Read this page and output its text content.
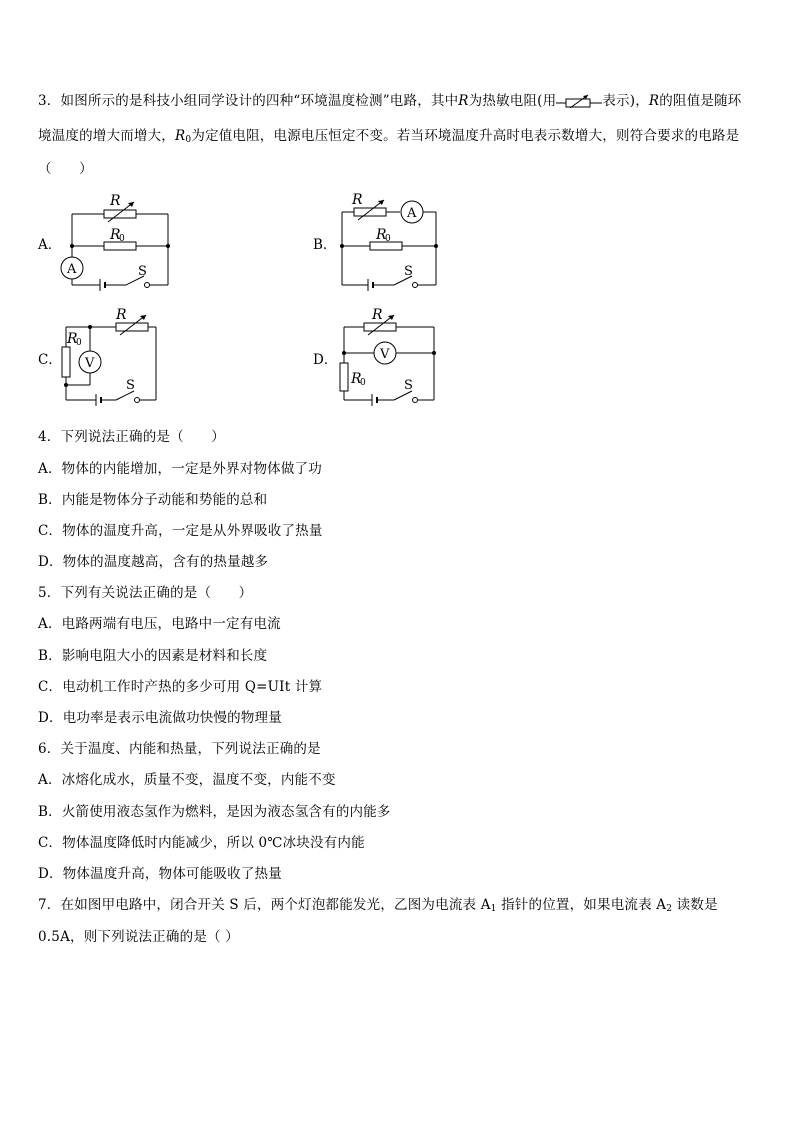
3．如图所示的是科技小组同学设计的四种“环境温度检测”电路，其中R为热敏电阻(用	表示)，R的阻值是随环
境温度的增大而增大，$R_0$为定值电阻，电源电压恒定不变。若当环境温度升高时电表示数增大，则符合要求的电路是
（　　）
A．
R
R
0
A	S
B．
R
R
0
A
S
C．
R
R
0
V
S
D．
R
R
0
V
S
4．下列说法正确的是（　　）
A．物体的内能增加，一定是外界对物体做了功
B．内能是物体分子动能和势能的总和
C．物体的温度升高，一定是从外界吸收了热量
D．物体的温度越高，含有的热量越多
5．下列有关说法正确的是（　　）
A．电路两端有电压，电路中一定有电流
B．影响电阻大小的因素是材料和长度
C．电动机工作时产热的多少可用 Q=UIt 计算
D．电功率是表示电流做功快慢的物理量
6．关于温度、内能和热量，下列说法正确的是
A．冰熔化成水，质量不变，温度不变，内能不变
B．火箭使用液态氢作为燃料，是因为液态氢含有的内能多
C．物体温度降低时内能减少，所以 0℃冰块没有内能
D．物体温度升高，物体可能吸收了热量
7．在如图甲电路中，闭合开关 S 后，两个灯泡都能发光，乙图为电流表 $A_1$ 指针的位置，如果电流表 $A_2$ 读数是
0.5A，则下列说法正确的是（ ）
